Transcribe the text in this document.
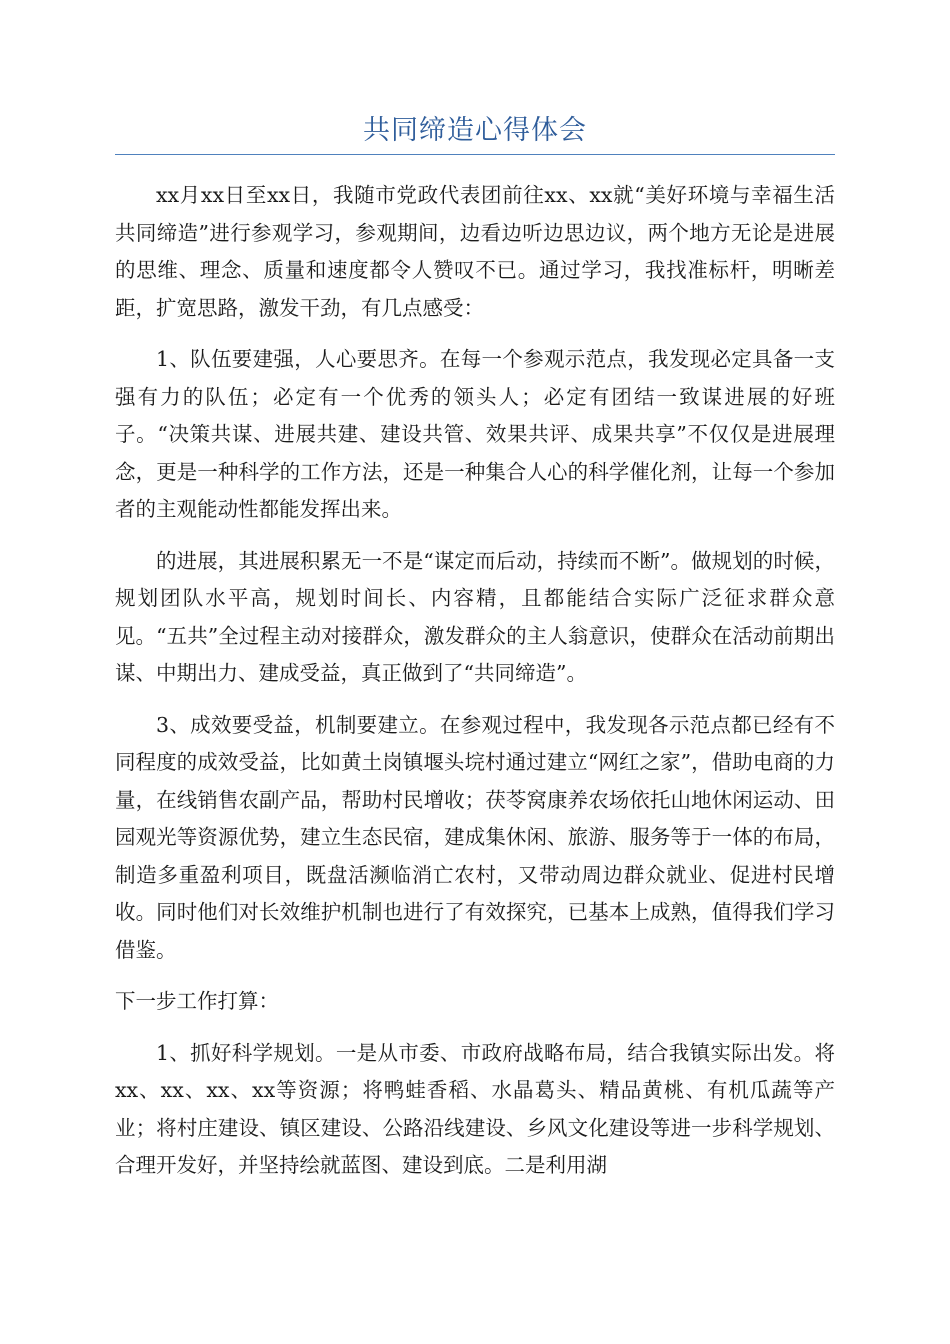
共同缔造心得体会

xx月xx日至xx日，我随市党政代表团前往xx、xx就“美好环境与幸福生活共同缔造”进行参观学习，参观期间，边看边听边思边议，两个地方无论是进展的思维、理念、质量和速度都令人赞叹不已。通过学习，我找准标杆，明晰差距，扩宽思路，激发干劲，有几点感受：

1、队伍要建强，人心要思齐。在每一个参观示范点，我发现必定具备一支强有力的队伍；必定有一个优秀的领头人；必定有团结一致谋进展的好班子。“决策共谋、进展共建、建设共管、效果共评、成果共享”不仅仅是进展理念，更是一种科学的工作方法，还是一种集合人心的科学催化剂，让每一个参加者的主观能动性都能发挥出来。

的进展，其进展积累无一不是“谋定而后动，持续而不断”。做规划的时候，规划团队水平高，规划时间长、内容精，且都能结合实际广泛征求群众意见。“五共”全过程主动对接群众，激发群众的主人翁意识，使群众在活动前期出谋、中期出力、建成受益，真正做到了“共同缔造”。

3、成效要受益，机制要建立。在参观过程中，我发现各示范点都已经有不同程度的成效受益，比如黄土岗镇堰头垸村通过建立“网红之家”，借助电商的力量，在线销售农副产品，帮助村民增收；茯苓窝康养农场依托山地休闲运动、田园观光等资源优势，建立生态民宿，建成集休闲、旅游、服务等于一体的布局，制造多重盈利项目，既盘活濒临消亡农村，又带动周边群众就业、促进村民增收。同时他们对长效维护机制也进行了有效探究，已基本上成熟，值得我们学习借鉴。

下一步工作打算：

1、抓好科学规划。一是从市委、市政府战略布局，结合我镇实际出发。将xx、xx、xx、xx等资源；将鸭蛙香稻、水晶葛头、精品黄桃、有机瓜蔬等产业；将村庄建设、镇区建设、公路沿线建设、乡风文化建设等进一步科学规划、合理开发好，并坚持绘就蓝图、建设到底。二是利用湖
